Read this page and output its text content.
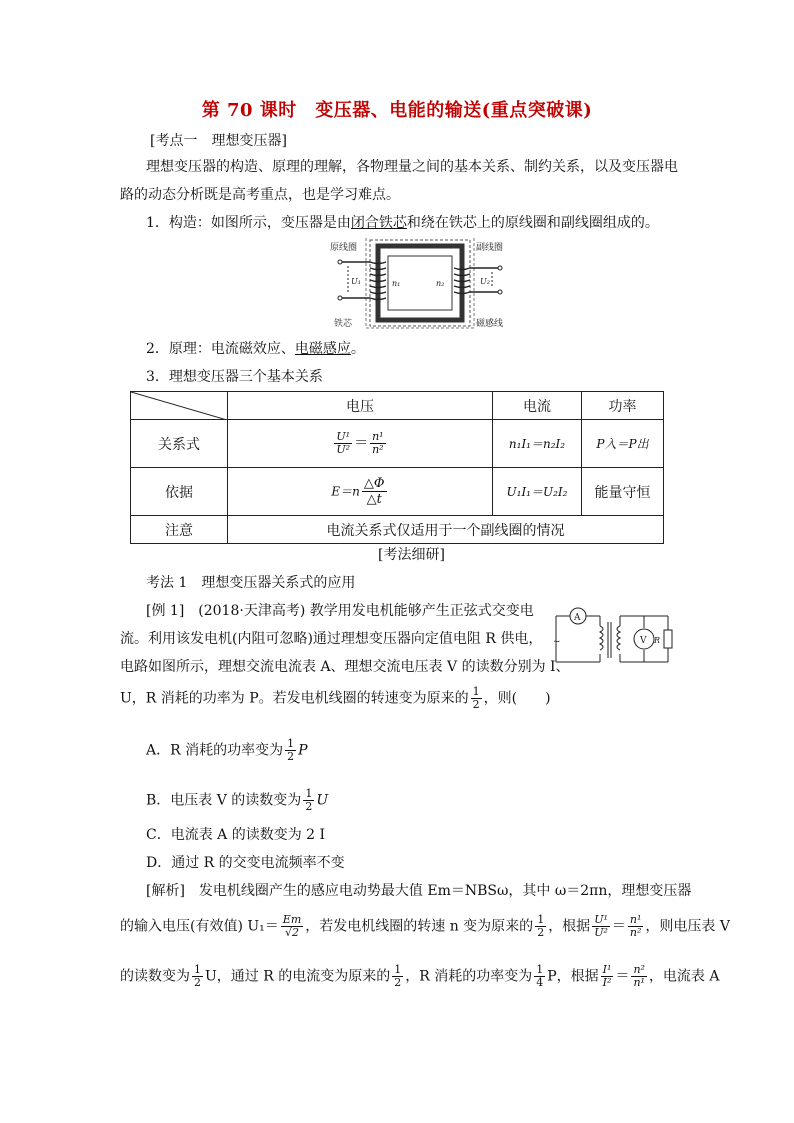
第 70 课时　变压器、电能的输送(重点突破课)
[考点一　理想变压器]
理想变压器的构造、原理的理解，各物理量之间的基本关系、制约关系，以及变压器电
路的动态分析既是高考重点，也是学习难点。
1．构造：如图所示，变压器是由闭合铁芯和绕在铁芯上的原线圈和副线圈组成的。
原线圈	副线圈
铁芯	磁感线
n₁	n₂
U₁	U₂
2．原理：电流磁效应、电磁感应。
3．理想变压器三个基本关系
	电压	电流	功率
关系式	$\frac{\text{U¹}}{\text{U²}} = \frac{\text{n¹}}{\text{n²}}$	n₁I₁＝n₂I₂	P入＝P出
依据	$E=n \frac{\triangle\Phi}{\triangle t}$	U₁I₁＝U₂I₂	能量守恒
注意	电流关系式仅适用于一个副线圈的情况		
[考法细研]
考法 1　理想变压器关系式的应用
[例 1]　(2018·天津高考) 教学用发电机能够产生正弦式交变电
流。利用该发电机(内阻可忽略)通过理想变压器向定值电阻 R 供电，
电路如图所示，理想交流电流表 A、理想交流电压表 V 的读数分别为 I、
U，R 消耗的功率为 P。若发电机线圈的转速变为原来的 $\frac{1}{2}$ ，则(　　)
~
A
V R
A．R 消耗的功率变为 $\frac{1}{2}$ P
B．电压表 V 的读数变为 $\frac{1}{2}$ U
C．电流表 A 的读数变为 2 I
D．通过 R 的交变电流频率不变
[解析]　发电机线圈产生的感应电动势最大值 Em＝NBSω，其中 ω＝2πn，理想变压器
的输入电压(有效值) $U_1= \frac{Em}{√2}$ ，若发电机线圈的转速 n 变为原来的 $\frac{1}{2}$ ，根据 $\frac{\text{U¹}}{\text{U²}} = \frac{\text{n¹}}{\text{n²}}$ ，则电压表 V
的读数变为 $\frac{1}{2}$ U，通过 R 的电流变为原来的 $\frac{1}{2}$ ，R 消耗的功率变为 $\frac{1}{4}$ P，根据 $\frac{\text{I¹}}{\text{I²}} = \frac{\text{n²}}{\text{n¹}}$ ，电流表 A
